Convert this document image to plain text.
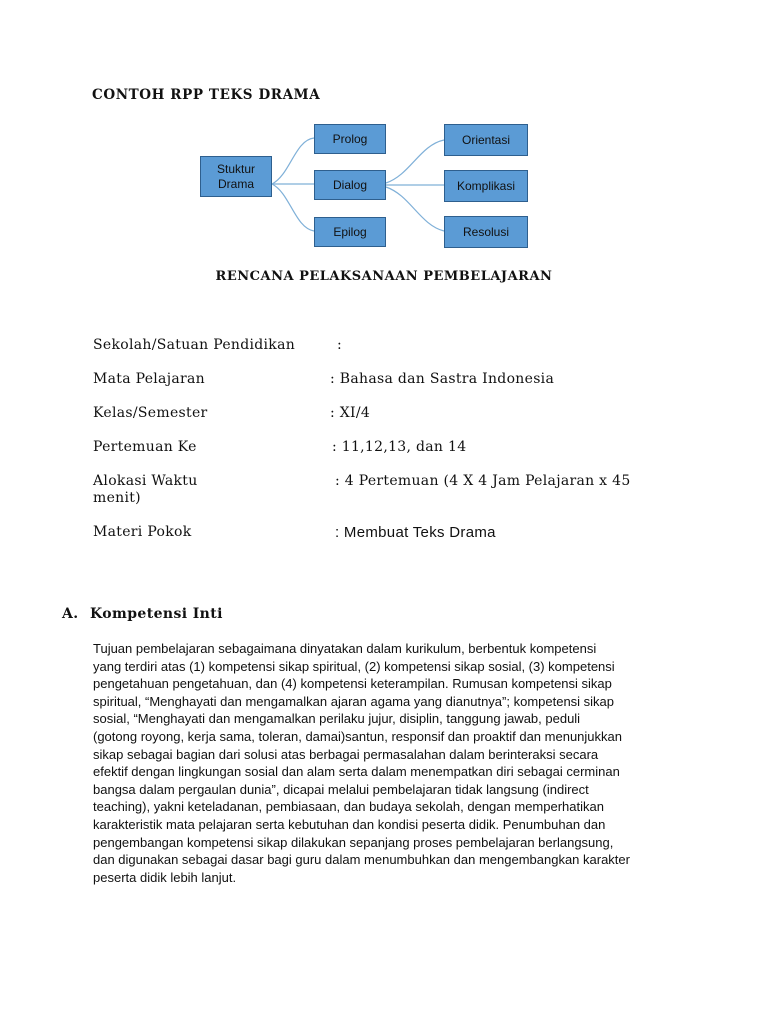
CONTOH RPP TEKS DRAMA
Stuktur Drama
Prolog
Dialog
Epilog
Orientasi
Komplikasi
Resolusi
RENCANA PELAKSANAAN PEMBELAJARAN
Sekolah/Satuan Pendidikan	:
Mata Pelajaran	: Bahasa dan Sastra Indonesia
Kelas/Semester	: XI/4
Pertemuan Ke	: 11,12,13, dan 14
Alokasi Waktu	: 4 Pertemuan (4 X 4 Jam Pelajaran x 45
menit)
Materi Pokok	: Membuat Teks Drama
A. Kompetensi Inti
Tujuan pembelajaran sebagaimana dinyatakan dalam kurikulum, berbentuk kompetensi
yang terdiri atas (1) kompetensi sikap spiritual, (2) kompetensi sikap sosial, (3) kompetensi
pengetahuan pengetahuan, dan (4) kompetensi keterampilan. Rumusan kompetensi sikap
spiritual, “Menghayati dan mengamalkan ajaran agama yang dianutnya”; kompetensi sikap
sosial, “Menghayati dan mengamalkan perilaku jujur, disiplin, tanggung jawab, peduli
(gotong royong, kerja sama, toleran, damai)santun, responsif dan proaktif dan menunjukkan
sikap sebagai bagian dari solusi atas berbagai permasalahan dalam berinteraksi secara
efektif dengan lingkungan sosial dan alam serta dalam menempatkan diri sebagai cerminan
bangsa dalam pergaulan dunia”, dicapai melalui pembelajaran tidak langsung (indirect
teaching), yakni keteladanan, pembiasaan, dan budaya sekolah, dengan memperhatikan
karakteristik mata pelajaran serta kebutuhan dan kondisi peserta didik. Penumbuhan dan
pengembangan kompetensi sikap dilakukan sepanjang proses pembelajaran berlangsung,
dan digunakan sebagai dasar bagi guru dalam menumbuhkan dan mengembangkan karakter
peserta didik lebih lanjut.
